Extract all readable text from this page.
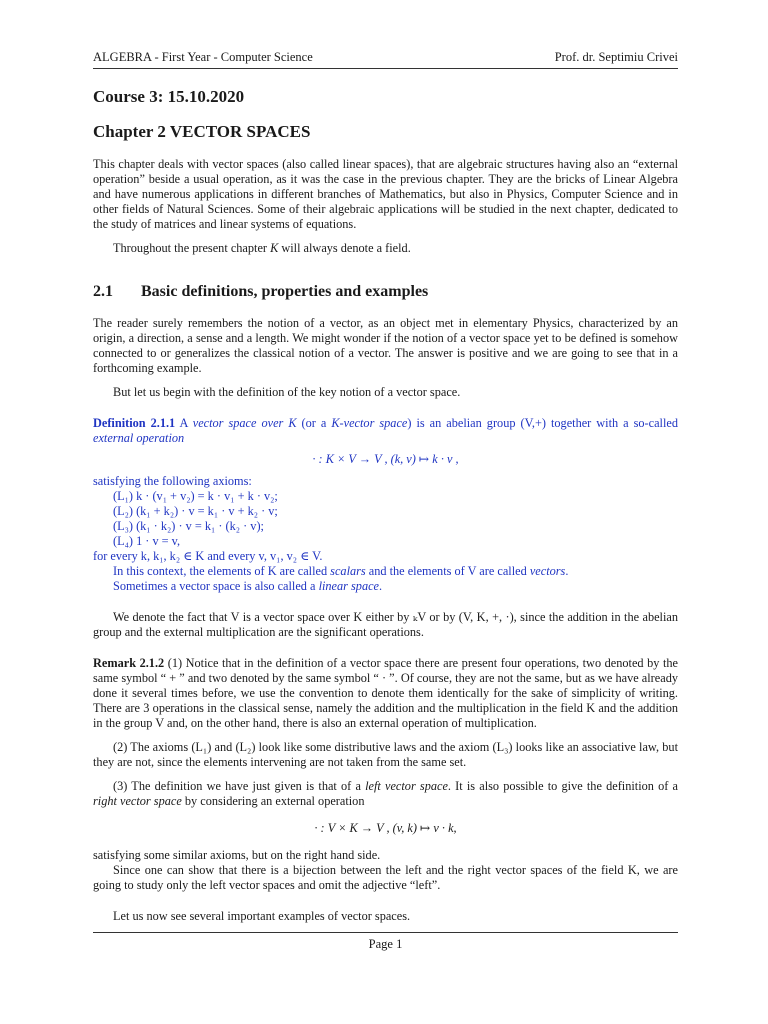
ALGEBRA - First Year - Computer Science	Prof. dr. Septimiu Crivei
Course 3: 15.10.2020
Chapter 2 VECTOR SPACES

This chapter deals with vector spaces (also called linear spaces), that are algebraic structures having also an “external operation” beside a usual operation, as it was the case in the previous chapter. They are the bricks of Linear Algebra and have numerous applications in different branches of Mathematics, but also in Physics, Computer Science and in other fields of Natural Sciences. Some of their algebraic applications will be studied in the next chapter, dedicated to the study of matrices and linear systems of equations.

Throughout the present chapter K will always denote a field.

2.1 Basic definitions, properties and examples

The reader surely remembers the notion of a vector, as an object met in elementary Physics, characterized by an origin, a direction, a sense and a length. We might wonder if the notion of a vector space yet to be defined is somehow connected to or generalizes the classical notion of a vector. The answer is positive and we are going to see that in a forthcoming example.

But let us begin with the definition of the key notion of a vector space.

Definition 2.1.1 A vector space over K (or a K-vector space) is an abelian group (V,+) together with a so-called external operation

· : K × V → V , (k, v) ↦ k · v ,

satisfying the following axioms:

(L₁) k · (v₁ + v₂) = k · v₁ + k · v₂;

(L₂) (k₁ + k₂) · v = k₁ · v + k₂ · v;

(L₃) (k₁ · k₂) · v = k₁ · (k₂ · v);

(L₄) 1 · v = v,

for every k, k₁, k₂ ∈ K and every v, v₁, v₂ ∈ V.

In this context, the elements of K are called scalars and the elements of V are called vectors.

Sometimes a vector space is also called a linear space.

We denote the fact that V is a vector space over K either by ₖV or by (V, K, +, ·), since the addition in the abelian group and the external multiplication are the significant operations.

Remark 2.1.2 (1) Notice that in the definition of a vector space there are present four operations, two denoted by the same symbol “ + ” and two denoted by the same symbol “ · ”. Of course, they are not the same, but as we have already done it several times before, we use the convention to denote them identically for the sake of simplicity of writing. There are 3 operations in the classical sense, namely the addition and the multiplication in the field K and the addition in the group V and, on the other hand, there is also an external operation of multiplication.

(2) The axioms (L₁) and (L₂) look like some distributive laws and the axiom (L₃) looks like an associative law, but they are not, since the elements intervening are not taken from the same set.

(3) The definition we have just given is that of a left vector space. It is also possible to give the definition of a right vector space by considering an external operation

· : V × K → V , (v, k) ↦ v · k,

satisfying some similar axioms, but on the right hand side.

Since one can show that there is a bijection between the left and the right vector spaces of the field K, we are going to study only the left vector spaces and omit the adjective “left”.

Let us now see several important examples of vector spaces.

Page 1
